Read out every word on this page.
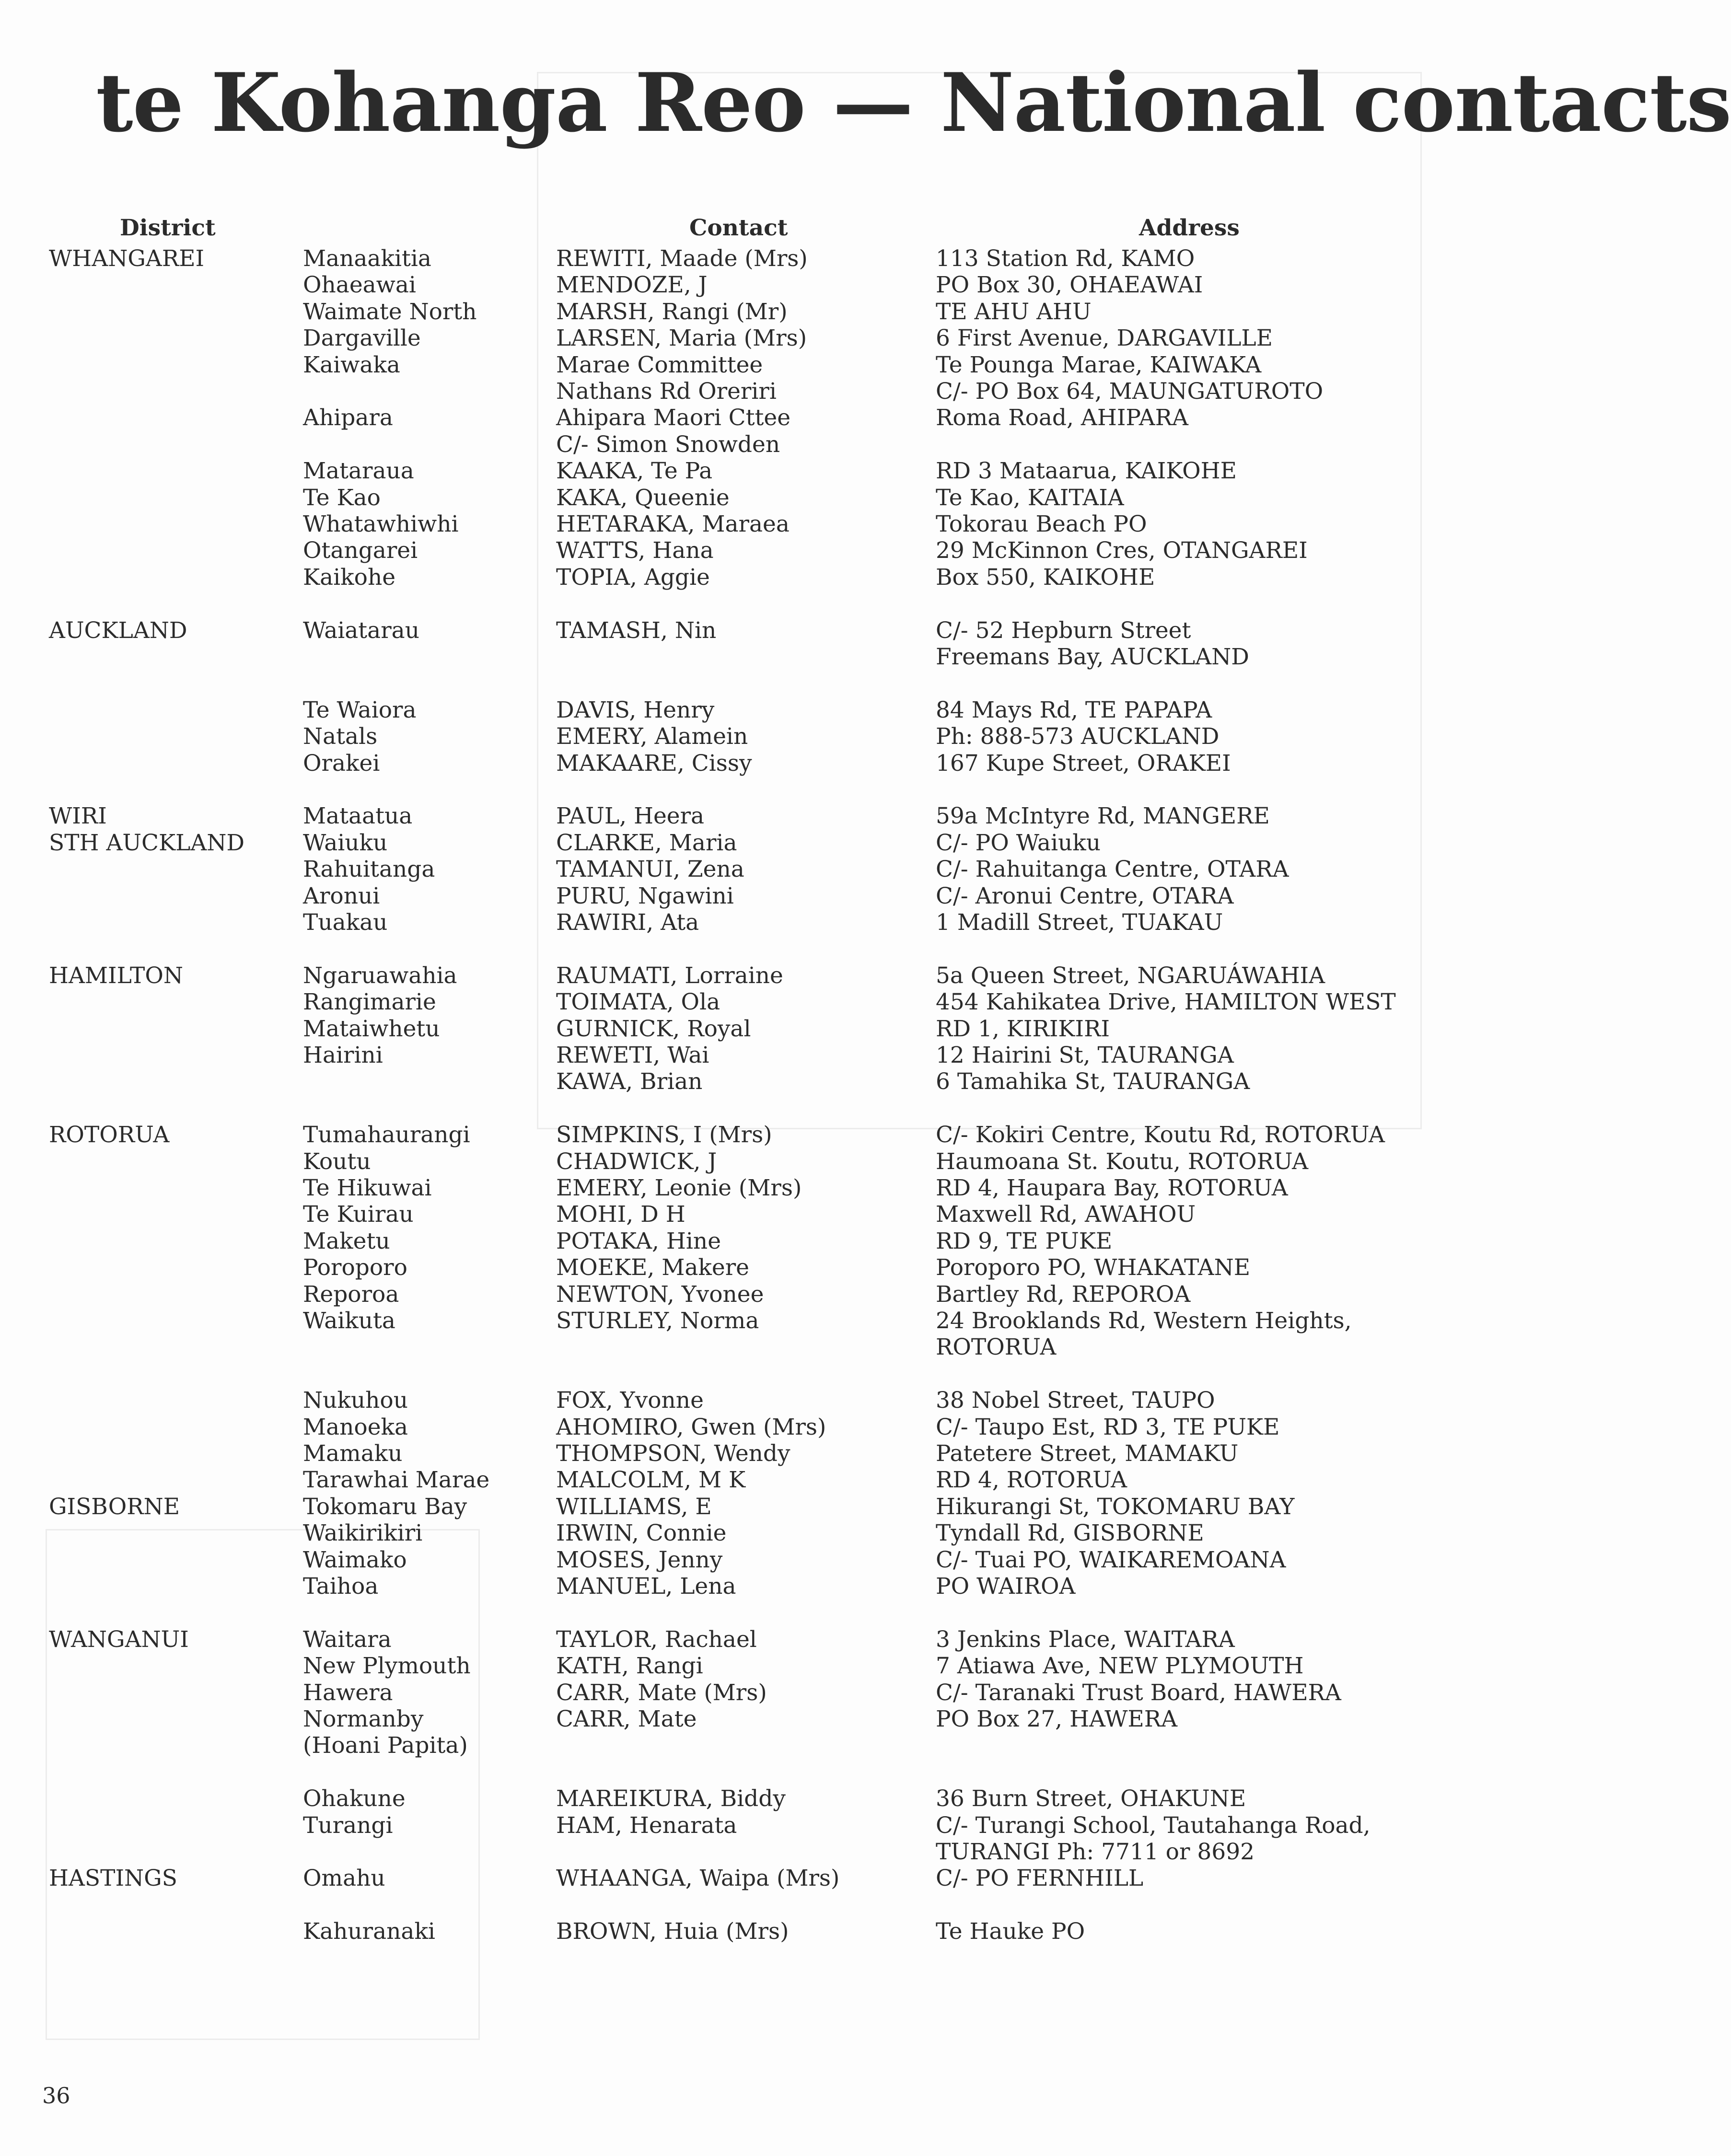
te Kohanga Reo — National contacts
District	Contact	Address
WHANGAREI	Manaakitia	REWITI, Maade (Mrs)	113 Station Rd, KAMO
Ohaeawai	MENDOZE, J	PO Box 30, OHAEAWAI
Waimate North	MARSH, Rangi (Mr)	TE AHU AHU
Dargaville	LARSEN, Maria (Mrs)	6 First Avenue, DARGAVILLE
Kaiwaka	Marae Committee	Te Pounga Marae, KAIWAKA
Nathans Rd Oreriri	C/- PO Box 64, MAUNGATUROTO
Ahipara	Ahipara Maori Cttee	Roma Road, AHIPARA
C/- Simon Snowden
Mataraua	KAAKA, Te Pa	RD 3 Mataarua, KAIKOHE
Te Kao	KAKA, Queenie	Te Kao, KAITAIA
Whatawhiwhi	HETARAKA, Maraea	Tokorau Beach PO
Otangarei	WATTS, Hana	29 McKinnon Cres, OTANGAREI
Kaikohe	TOPIA, Aggie	Box 550, KAIKOHE
AUCKLAND	Waiatarau	TAMASH, Nin	C/- 52 Hepburn Street
Freemans Bay, AUCKLAND
Te Waiora	DAVIS, Henry	84 Mays Rd, TE PAPAPA
Natals	EMERY, Alamein	Ph: 888-573 AUCKLAND
Orakei	MAKAARE, Cissy	167 Kupe Street, ORAKEI
WIRI	Mataatua	PAUL, Heera	59a McIntyre Rd, MANGERE
STH AUCKLAND	Waiuku	CLARKE, Maria	C/- PO Waiuku
Rahuitanga	TAMANUI, Zena	C/- Rahuitanga Centre, OTARA
Aronui	PURU, Ngawini	C/- Aronui Centre, OTARA
Tuakau	RAWIRI, Ata	1 Madill Street, TUAKAU
HAMILTON	Ngaruawahia	RAUMATI, Lorraine	5a Queen Street, NGARUÁWAHIA
Rangimarie	TOIMATA, Ola	454 Kahikatea Drive, HAMILTON WEST
Mataiwhetu	GURNICK, Royal	RD 1, KIRIKIRI
Hairini	REWETI, Wai	12 Hairini St, TAURANGA
KAWA, Brian	6 Tamahika St, TAURANGA
ROTORUA	Tumahaurangi	SIMPKINS, I (Mrs)	C/- Kokiri Centre, Koutu Rd, ROTORUA
Koutu	CHADWICK, J	Haumoana St. Koutu, ROTORUA
Te Hikuwai	EMERY, Leonie (Mrs)	RD 4, Haupara Bay, ROTORUA
Te Kuirau	MOHI, D H	Maxwell Rd, AWAHOU
Maketu	POTAKA, Hine	RD 9, TE PUKE
Poroporo	MOEKE, Makere	Poroporo PO, WHAKATANE
Reporoa	NEWTON, Yvonee	Bartley Rd, REPOROA
Waikuta	STURLEY, Norma	24 Brooklands Rd, Western Heights,
ROTORUA
Nukuhou	FOX, Yvonne	38 Nobel Street, TAUPO
Manoeka	AHOMIRO, Gwen (Mrs)	C/- Taupo Est, RD 3, TE PUKE
Mamaku	THOMPSON, Wendy	Patetere Street, MAMAKU
Tarawhai Marae	MALCOLM, M K	RD 4, ROTORUA
GISBORNE	Tokomaru Bay	WILLIAMS, E	Hikurangi St, TOKOMARU BAY
Waikirikiri	IRWIN, Connie	Tyndall Rd, GISBORNE
Waimako	MOSES, Jenny	C/- Tuai PO, WAIKAREMOANA
Taihoa	MANUEL, Lena	PO WAIROA
WANGANUI	Waitara	TAYLOR, Rachael	3 Jenkins Place, WAITARA
New Plymouth	KATH, Rangi	7 Atiawa Ave, NEW PLYMOUTH
Hawera	CARR, Mate (Mrs)	C/- Taranaki Trust Board, HAWERA
Normanby	CARR, Mate	PO Box 27, HAWERA
(Hoani Papita)
Ohakune	MAREIKURA, Biddy	36 Burn Street, OHAKUNE
Turangi	HAM, Henarata	C/- Turangi School, Tautahanga Road,
TURANGI Ph: 7711 or 8692
HASTINGS	Omahu	WHAANGA, Waipa (Mrs)	C/- PO FERNHILL
Kahuranaki	BROWN, Huia (Mrs)	Te Hauke PO
36
